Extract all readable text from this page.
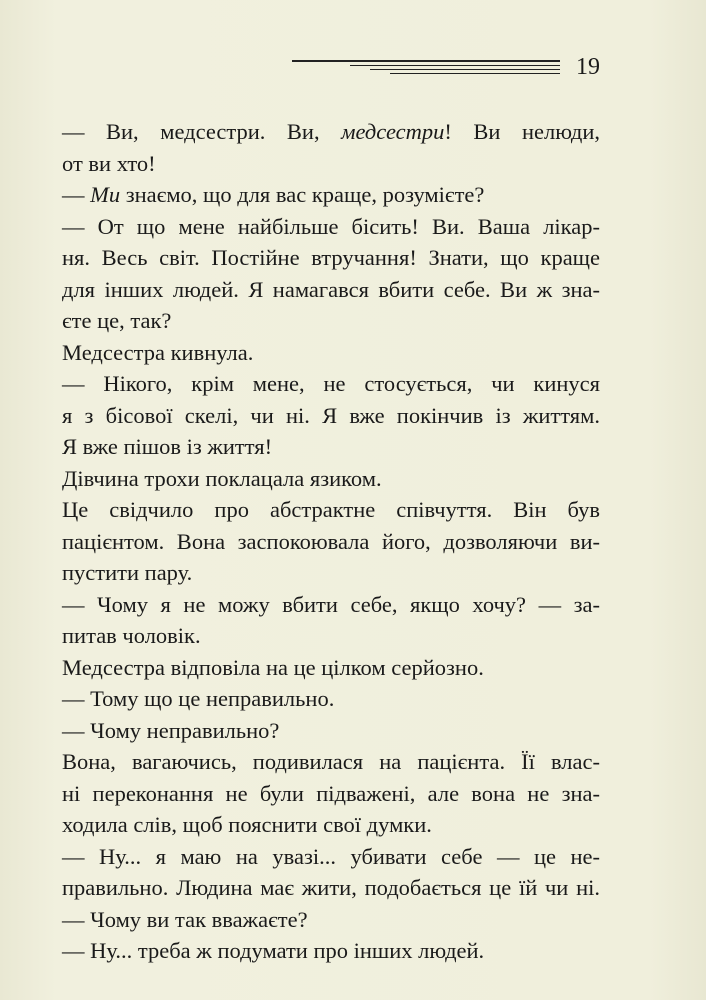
19
— Ви, медсестри. Ви, медсестри! Ви нелюди,
от ви хто!
— Ми знаємо, що для вас краще, розумієте?
— От що мене найбільше бісить! Ви. Ваша лікар-
ня. Весь світ. Постійне втручання! Знати, що краще
для інших людей. Я намагався вбити себе. Ви ж зна-
єте це, так?
Медсестра кивнула.
— Нікого, крім мене, не стосується, чи кинуся
я з бісової скелі, чи ні. Я вже покінчив із життям.
Я вже пішов із життя!
Дівчина трохи поклацала язиком.
Це свідчило про абстрактне співчуття. Він був
пацієнтом. Вона заспокоювала його, дозволяючи ви-
пустити пару.
— Чому я не можу вбити себе, якщо хочу? — за-
питав чоловік.
Медсестра відповіла на це цілком серйозно.
— Тому що це неправильно.
— Чому неправильно?
Вона, вагаючись, подивилася на пацієнта. Її влас-
ні переконання не були підважені, але вона не зна-
ходила слів, щоб пояснити свої думки.
— Ну... я маю на увазі... убивати себе — це не-
правильно. Людина має жити, подобається це їй чи ні.
— Чому ви так вважаєте?
— Ну... треба ж подумати про інших людей.
